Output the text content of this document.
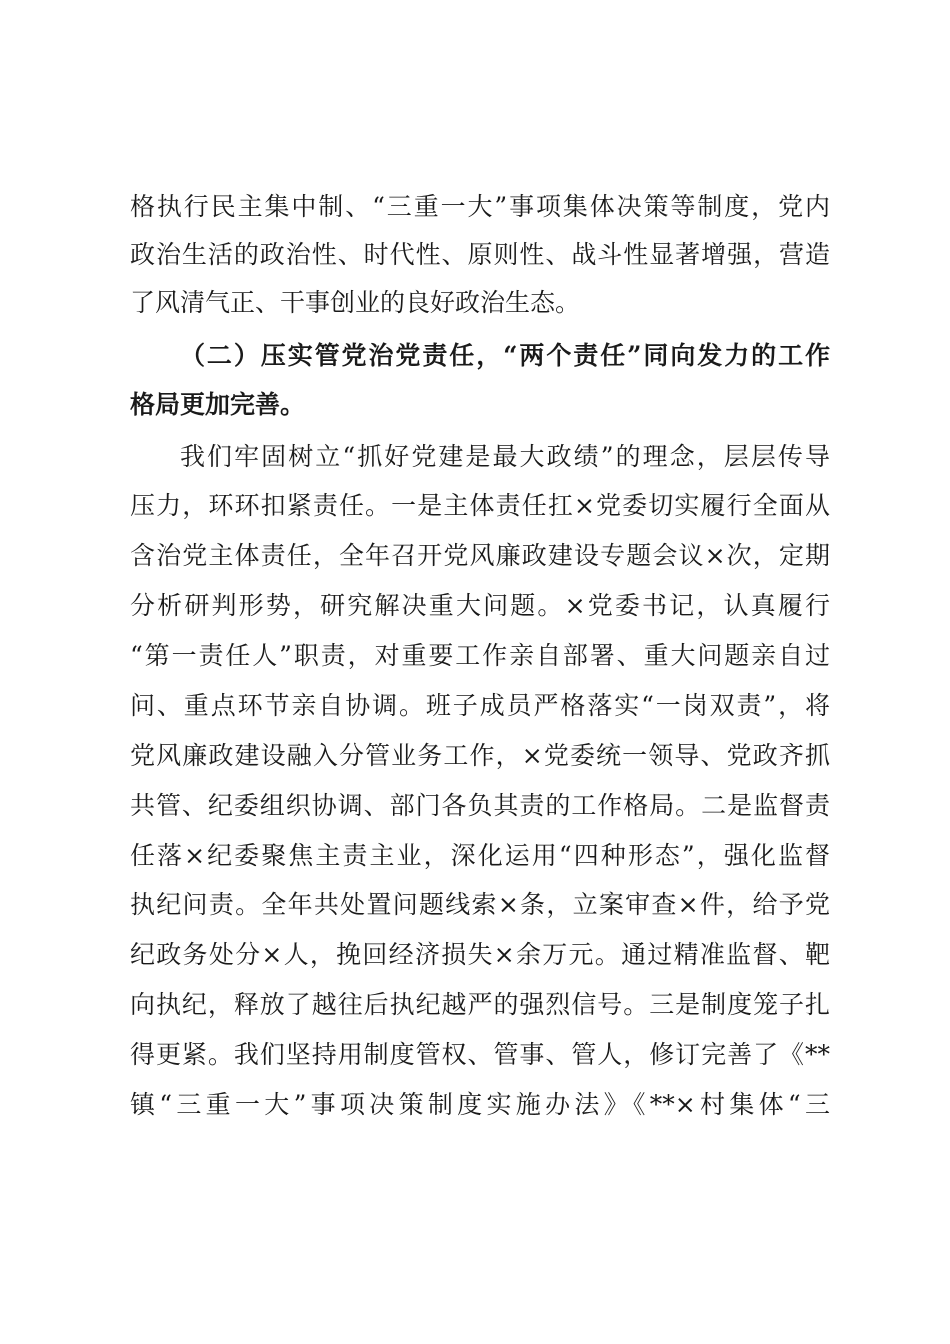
格执行民主集中制、“三重一大”事项集体决策等制度，党内
政治生活的政治性、时代性、原则性、战斗性显著增强，营造
了风清气正、干事创业的良好政治生态。
（二）压实管党治党责任，“两个责任”同向发力的工作
格局更加完善。
我们牢固树立“抓好党建是最大政绩”的理念，层层传导
压力，环环扣紧责任。一是主体责任扛×党委切实履行全面从
含治党主体责任，全年召开党风廉政建设专题会议×次，定期
分析研判形势，研究解决重大问题。×党委书记，认真履行
“第一责任人”职责，对重要工作亲自部署、重大问题亲自过
问、重点环节亲自协调。班子成员严格落实“一岗双责”，将
党风廉政建设融入分管业务工作，×党委统一领导、党政齐抓
共管、纪委组织协调、部门各负其责的工作格局。二是监督责
任落×纪委聚焦主责主业，深化运用“四种形态”，强化监督
执纪问责。全年共处置问题线索×条，立案审查×件，给予党
纪政务处分×人，挽回经济损失×余万元。通过精准监督、靶
向执纪，释放了越往后执纪越严的强烈信号。三是制度笼子扎
得更紧。我们坚持用制度管权、管事、管人，修订完善了《**
镇“三重一大”事项决策制度实施办法》《**×村集体“三
